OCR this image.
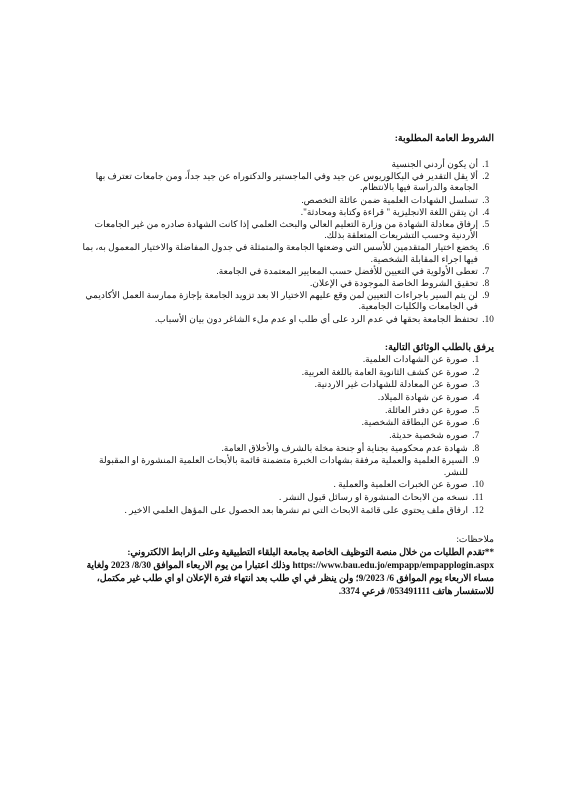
الشروط العامة المطلوبة:
1. أن يكون أردني الجنسية
2. ألا يقل التقدير في البكالوريوس عن جيد وفي الماجستير والدكتوراه عن جيد جداً، ومن جامعات تعترف بها الجامعة والدراسة فيها بالانتظام.
3. تسلسل الشهادات العلمية ضمن عائلة التخصص.
4. ان يتقن اللغة الانجليزية " قراءة وكتابة ومحادثة".
5. إرفاق معادلة الشهادة من وزارة التعليم العالي والبحث العلمي إذا كانت الشهادة صادره من غير الجامعات الأردنية وحسب التشريعات المتعلقة بذلك.
6. يخضع اختيار المتقدمين للأسس التي وضعتها الجامعة والمتمثلة في جدول المفاضلة والاختيار المعمول به، بما فيها اجراء المقابلة الشخصية.
7. تعطى الأولوية في التعيين للأفضل حسب المعايير المعتمدة في الجامعة.
8. تحقيق الشروط الخاصة الموجودة في الإعلان.
9. لن يتم السير باجراءات التعيين لمن وقع عليهم الاختيار الا بعد تزويد الجامعة بإجازة ممارسة العمل الأكاديمي في الجامعات والكليات الجامعية.
10. تحتفظ الجامعة بحقها في عدم الرد على أي طلب او عدم ملء الشاغر دون بيان الأسباب.
يرفق بالطلب الوثائق التالية:
1. صورة عن الشهادات العلمية.
2. صورة عن كشف الثانوية العامة باللغة العربية.
3. صورة عن المعادلة للشهادات غير الاردنية.
4. صورة عن شهادة الميلاد.
5. صورة عن دفتر العائلة.
6. صورة عن البطاقة الشخصية.
7. صوره شخصية حديثة.
8. شهادة عدم محكومية بجناية أو جنحة مخلة بالشرف والأخلاق العامة.
9. السيرة العلمية والعملية مرفقة بشهادات الخبرة متضمنة قائمة بالأبحاث العلمية المنشورة او المقبولة للنشر.
10. صورة عن الخبرات العلمية والعملية .
11. نسخه من الابحاث المنشورة او رسائل قبول النشر .
12. ارفاق ملف يحتوي على قائمة الابحاث التي تم نشرها بعد الحصول على المؤهل العلمي الاخير .
ملاحظات:
**تقدم الطلبات من خلال منصة التوظيف الخاصة بجامعة البلقاء التطبيقية وعلى الرابط الالكتروني: https://www.bau.edu.jo/empapp/empapplogin.aspx وذلك اعتبارا من يوم الاربعاء الموافق 8/30/ 2023 ولغاية مساء الاربعاء يوم الموافق 6/ 9/2023؛ ولن ينظر في اي طلب بعد انتهاء فترة الإعلان او اي طلب غير مكتمل، للاستفسار هاتف 053491111/ فرعي 3374.
